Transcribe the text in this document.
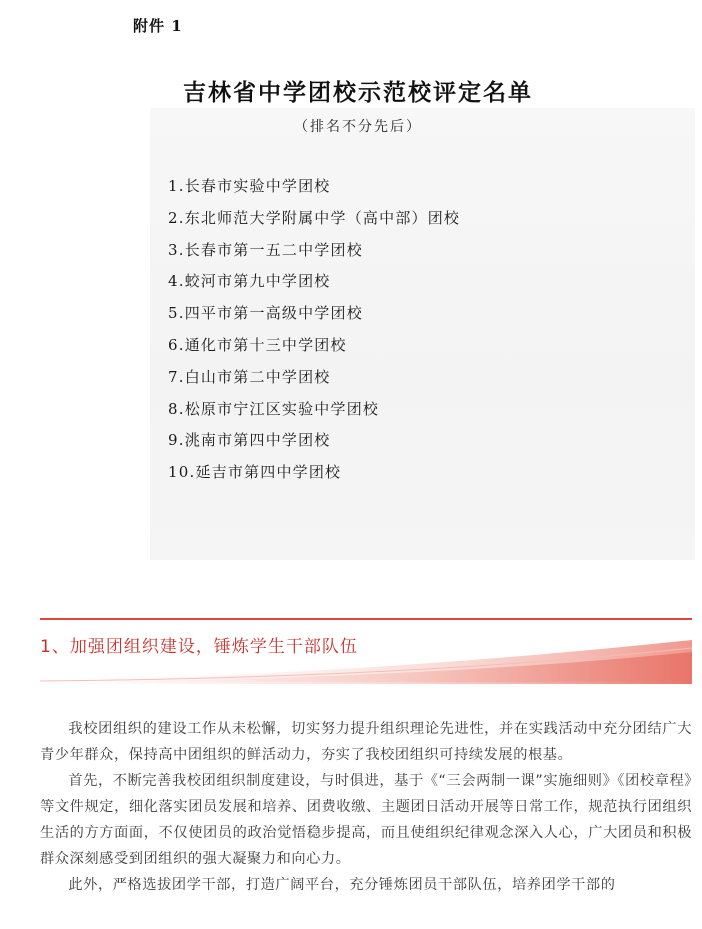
附件 1
吉林省中学团校示范校评定名单
（排名不分先后）
1.长春市实验中学团校
2.东北师范大学附属中学（高中部）团校
3.长春市第一五二中学团校
4.蛟河市第九中学团校
5.四平市第一高级中学团校
6.通化市第十三中学团校
7.白山市第二中学团校
8.松原市宁江区实验中学团校
9.洮南市第四中学团校
10.延吉市第四中学团校
1、加强团组织建设，锤炼学生干部队伍

我校团组织的建设工作从未松懈，切实努力提升组织理论先进性，并在实践活动中充分团结广大青少年群众，保持高中团组织的鲜活动力，夯实了我校团组织可持续发展的根基。

首先，不断完善我校团组织制度建设，与时俱进，基于《“三会两制一课”实施细则》《团校章程》等文件规定，细化落实团员发展和培养、团费收缴、主题团日活动开展等日常工作，规范执行团组织生活的方方面面，不仅使团员的政治觉悟稳步提高，而且使组织纪律观念深入人心，广大团员和积极群众深刻感受到团组织的强大凝聚力和向心力。

此外，严格选拔团学干部，打造广阔平台，充分锤炼团员干部队伍，培养团学干部的
